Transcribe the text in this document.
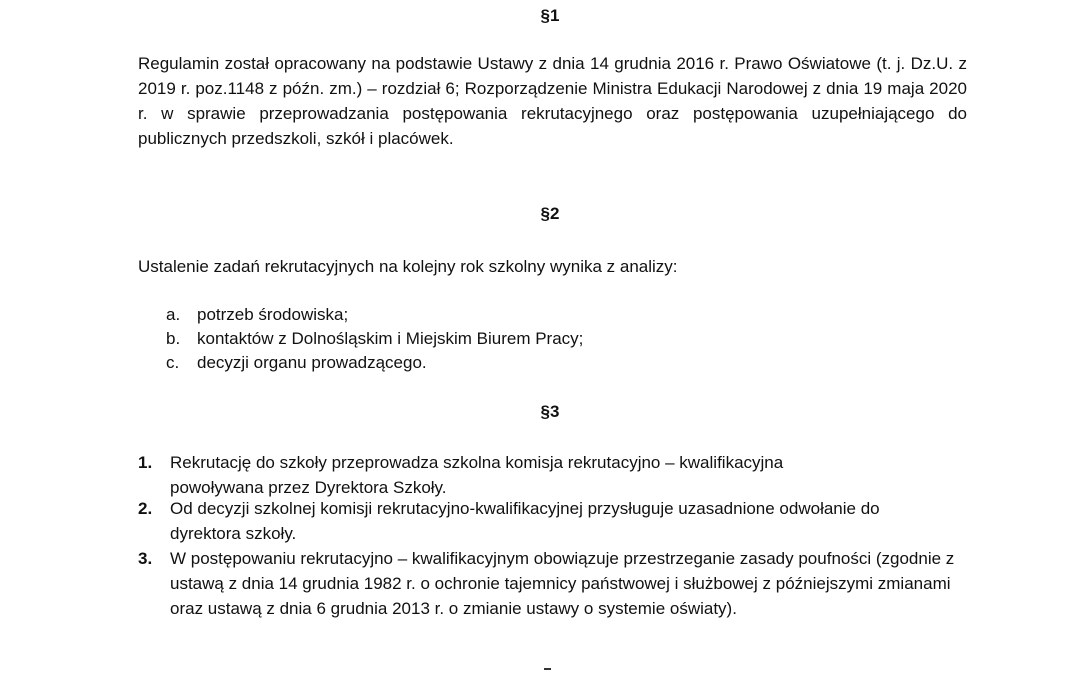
§1
Regulamin został opracowany na podstawie Ustawy z dnia 14 grudnia 2016 r. Prawo Oświatowe (t. j. Dz.U. z 2019 r. poz.1148 z późn. zm.) – rozdział 6; Rozporządzenie Ministra Edukacji Narodowej z dnia 19 maja 2020 r. w sprawie przeprowadzania postępowania rekrutacyjnego oraz postępowania uzupełniającego do publicznych przedszkoli, szkół i placówek.
§2
Ustalenie zadań rekrutacyjnych na kolejny rok szkolny wynika z analizy:
a. potrzeb środowiska;
b. kontaktów z Dolnośląskim i Miejskim Biurem Pracy;
c. decyzji organu prowadzącego.
§3
1. Rekrutację do szkoły przeprowadza szkolna komisja rekrutacyjno – kwalifikacyjna powoływana przez Dyrektora Szkoły.
2. Od decyzji szkolnej komisji rekrutacyjno-kwalifikacyjnej przysługuje uzasadnione odwołanie do dyrektora szkoły.
3. W postępowaniu rekrutacyjno – kwalifikacyjnym obowiązuje przestrzeganie zasady poufności (zgodnie z ustawą z dnia 14 grudnia 1982 r. o ochronie tajemnicy państwowej i służbowej z późniejszymi zmianami oraz ustawą z dnia 6 grudnia 2013 r. o zmianie ustawy o systemie oświaty).
